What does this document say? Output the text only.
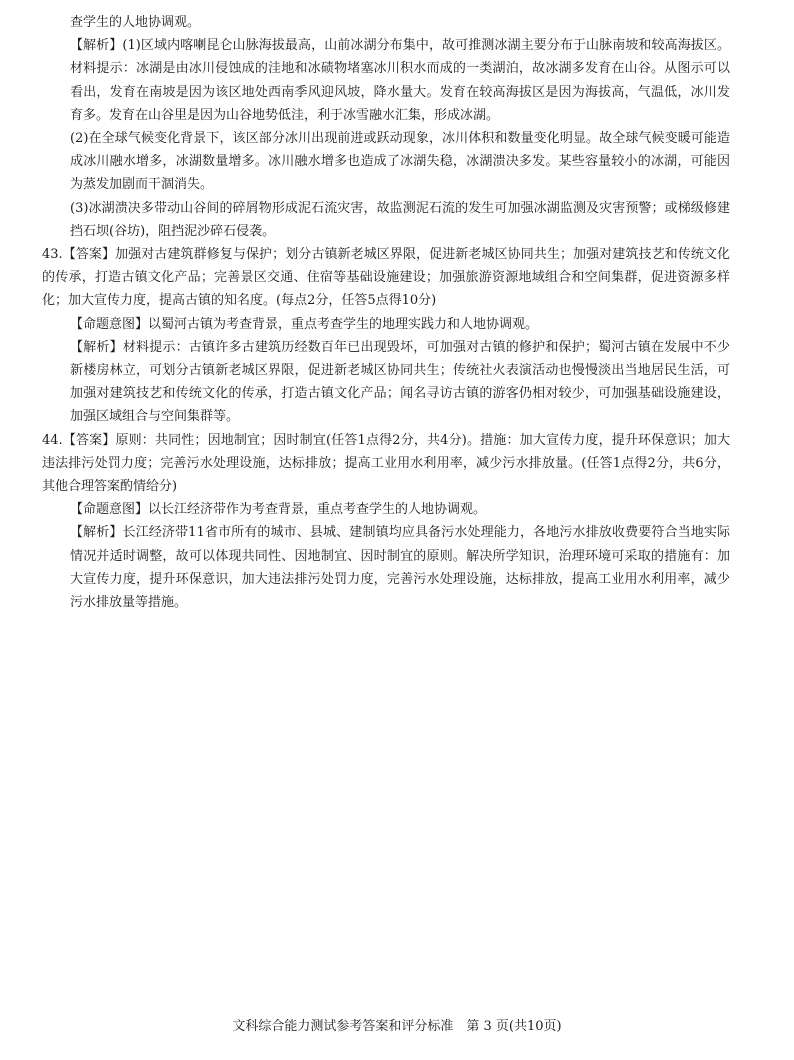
查学生的人地协调观。

【解析】(1)区域内喀喇昆仑山脉海拔最高，山前冰湖分布集中，故可推测冰湖主要分布于山脉南坡和较高海拔区。材料提示：冰湖是由冰川侵蚀成的洼地和冰碛物堵塞冰川积水而成的一类湖泊，故冰湖多发育在山谷。从图示可以看出，发育在南坡是因为该区地处西南季风迎风坡，降水量大。发育在较高海拔区是因为海拔高，气温低，冰川发育多。发育在山谷里是因为山谷地势低洼，利于冰雪融水汇集，形成冰湖。

(2)在全球气候变化背景下，该区部分冰川出现前进或跃动现象，冰川体积和数量变化明显。故全球气候变暖可能造成冰川融水增多，冰湖数量增多。冰川融水增多也造成了冰湖失稳，冰湖溃决多发。某些容量较小的冰湖，可能因为蒸发加剧而干涸消失。

(3)冰湖溃决多带动山谷间的碎屑物形成泥石流灾害，故监测泥石流的发生可加强冰湖监测及灾害预警；或梯级修建挡石坝(谷坊)，阻挡泥沙碎石侵袭。

43.【答案】加强对古建筑群修复与保护；划分古镇新老城区界限，促进新老城区协同共生；加强对建筑技艺和传统文化的传承，打造古镇文化产品；完善景区交通、住宿等基础设施建设；加强旅游资源地域组合和空间集群，促进资源多样化；加大宣传力度，提高古镇的知名度。(每点2分，任答5点得10分)

【命题意图】以蜀河古镇为考查背景，重点考查学生的地理实践力和人地协调观。

【解析】材料提示：古镇许多古建筑历经数百年已出现毁坏，可加强对古镇的修护和保护；蜀河古镇在发展中不少新楼房林立，可划分古镇新老城区界限，促进新老城区协同共生；传统社火表演活动也慢慢淡出当地居民生活，可加强对建筑技艺和传统文化的传承，打造古镇文化产品；闻名寻访古镇的游客仍相对较少，可加强基础设施建设，加强区域组合与空间集群等。

44.【答案】原则：共同性；因地制宜；因时制宜(任答1点得2分，共4分)。措施：加大宣传力度，提升环保意识；加大违法排污处罚力度；完善污水处理设施，达标排放；提高工业用水利用率，减少污水排放量。(任答1点得2分，共6分，其他合理答案酌情给分)

【命题意图】以长江经济带作为考查背景，重点考查学生的人地协调观。

【解析】长江经济带11省市所有的城市、县城、建制镇均应具备污水处理能力，各地污水排放收费要符合当地实际情况并适时调整，故可以体现共同性、因地制宜、因时制宜的原则。解决所学知识，治理环境可采取的措施有：加大宣传力度，提升环保意识，加大违法排污处罚力度，完善污水处理设施，达标排放，提高工业用水利用率，减少污水排放量等措施。

文科综合能力测试参考答案和评分标准　第 3 页(共10页)
